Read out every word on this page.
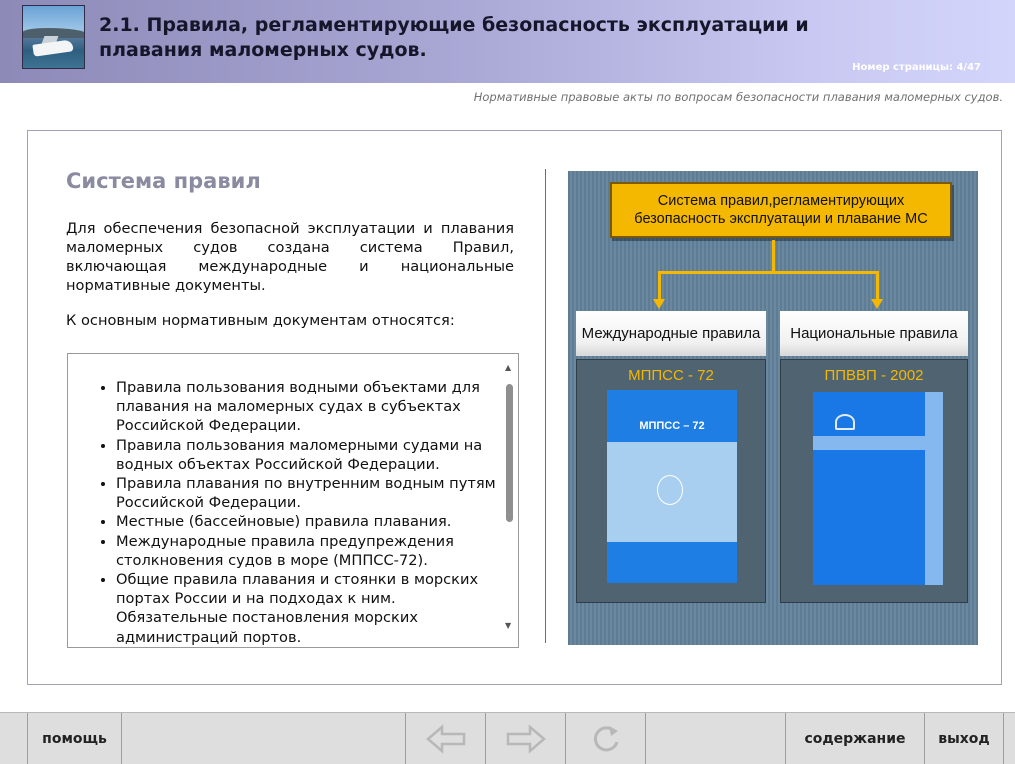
2.1. Правила, регламентирующие безопасность эксплуатации и плавания маломерных судов.
Номер страницы: 4/47
Нормативные правовые акты по вопросам безопасности плавания маломерных судов.
Система правил
Для обеспечения безопасной эксплуатации и плавания маломерных судов создана система Правил, включающая международные и национальные нормативные документы.
К основным нормативным документам относятся:
• Правила пользования водными объектами для плавания на маломерных судах в субъектах Российской Федерации.
• Правила пользования маломерными судами на водных объектах Российской Федерации.
• Правила плавания по внутренним водным путям Российской Федерации.
• Местные (бассейновые) правила плавания.
• Международные правила предупреждения столкновения судов в море (МППСС-72).
• Общие правила плавания и стоянки в морских портах России и на подходах к ним. Обязательные постановления морских администраций портов.
▲
▼
Система правил,регламентирующих безопасность эксплуатации и плавание МС
Международные правила	Национальные правила
МППСС - 72
МППСС – 72
ППВВП - 2002
помощь	содержание	выход
